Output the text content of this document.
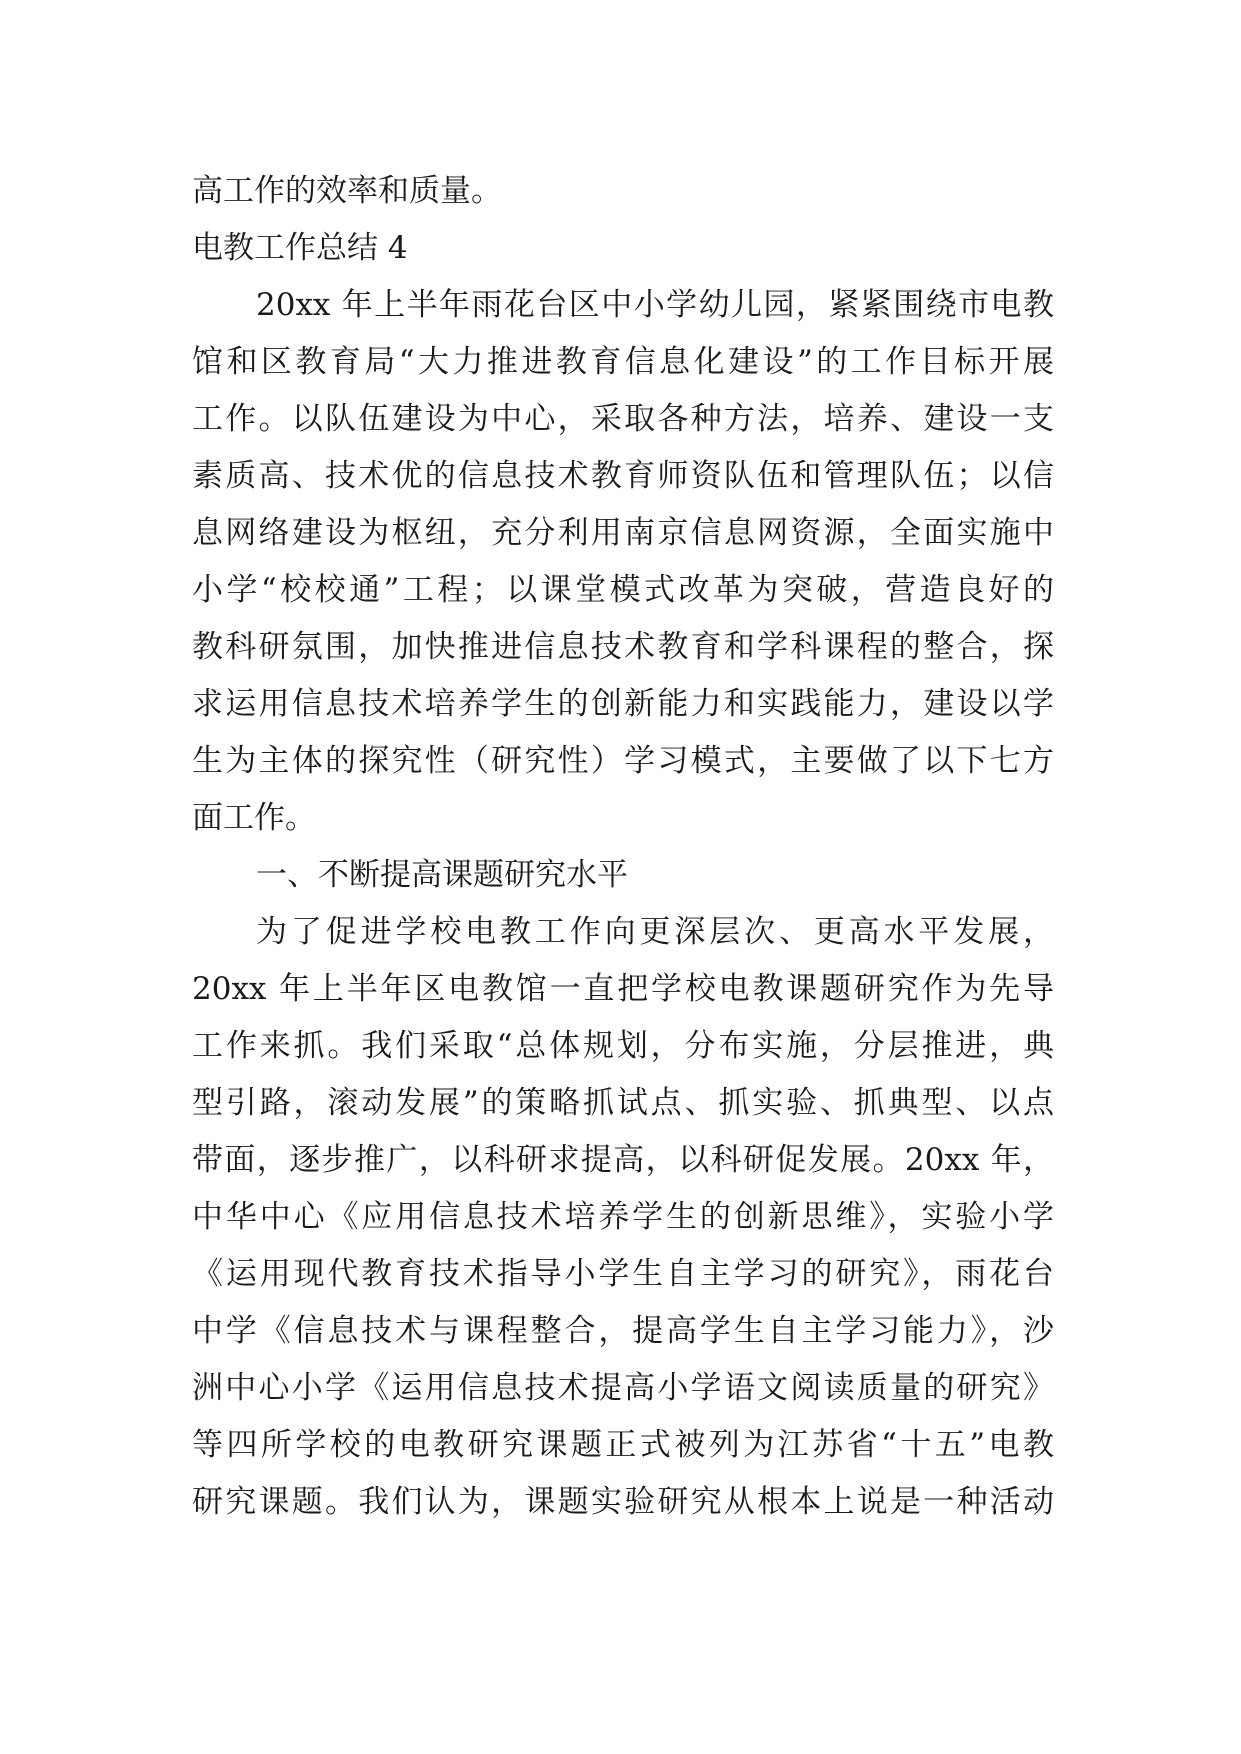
高工作的效率和质量。
电教工作总结 4
20xx 年上半年雨花台区中小学幼儿园，紧紧围绕市电教
馆和区教育局“大力推进教育信息化建设”的工作目标开展
工作。以队伍建设为中心，采取各种方法，培养、建设一支
素质高、技术优的信息技术教育师资队伍和管理队伍；以信
息网络建设为枢纽，充分利用南京信息网资源，全面实施中
小学“校校通”工程；以课堂模式改革为突破，营造良好的
教科研氛围，加快推进信息技术教育和学科课程的整合，探
求运用信息技术培养学生的创新能力和实践能力，建设以学
生为主体的探究性（研究性）学习模式，主要做了以下七方
面工作。
一、不断提高课题研究水平
为了促进学校电教工作向更深层次、更高水平发展，
20xx 年上半年区电教馆一直把学校电教课题研究作为先导
工作来抓。我们采取“总体规划，分布实施，分层推进，典
型引路，滚动发展”的策略抓试点、抓实验、抓典型、以点
带面，逐步推广，以科研求提高，以科研促发展。20xx 年，
中华中心《应用信息技术培养学生的创新思维》，实验小学
《运用现代教育技术指导小学生自主学习的研究》，雨花台
中学《信息技术与课程整合，提高学生自主学习能力》，沙
洲中心小学《运用信息技术提高小学语文阅读质量的研究》
等四所学校的电教研究课题正式被列为江苏省“十五”电教
研究课题。我们认为，课题实验研究从根本上说是一种活动
